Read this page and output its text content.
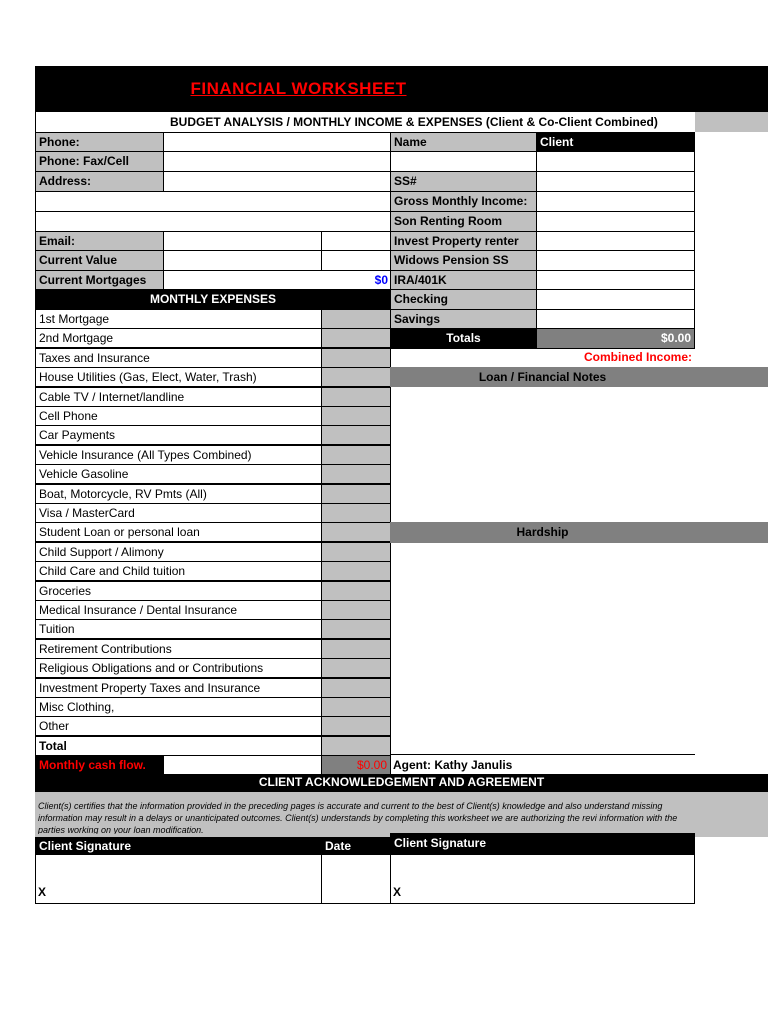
FINANCIAL WORKSHEET
BUDGET ANALYSIS / MONTHLY INCOME & EXPENSES (Client & Co-Client Combined)
Phone:
Phone: Fax/Cell
Address:
Email:
Current Value
Current Mortgages	$0
MONTHLY EXPENSES
1st Mortgage
2nd Mortgage
Taxes and Insurance
House Utilities (Gas, Elect, Water, Trash)
Cable TV / Internet/landline
Cell Phone
Car Payments
Vehicle Insurance (All Types Combined)
Vehicle Gasoline
Boat, Motorcycle, RV Pmts (All)
Visa / MasterCard
Student Loan or personal loan
Child Support / Alimony
Child Care and Child tuition
Groceries
Medical Insurance / Dental Insurance
Tuition
Retirement Contributions
Religious Obligations and or Contributions
Investment Property Taxes and Insurance
Misc Clothing,
Other
Name	Client
SS#
Gross Monthly Income:
Son Renting Room
Invest Property renter
Widows Pension SS
IRA/401K
Checking
Savings
Totals	$0.00
Combined Income:
Loan / Financial Notes
Hardship
Total
Monthly cash flow.	$0.00 Agent: Kathy Janulis
CLIENT ACKNOWLEDGEMENT AND AGREEMENT
Client(s) certifies that the information provided in the preceding pages is accurate and current to the best of Client(s) knowledge and also understand missing information may result in a delays or unanticipated outcomes. Client(s) understands by completing this worksheet we are authorizing the revi information with the parties working on your loan modification.
Client Signature	Date	Client Signature
X	X
